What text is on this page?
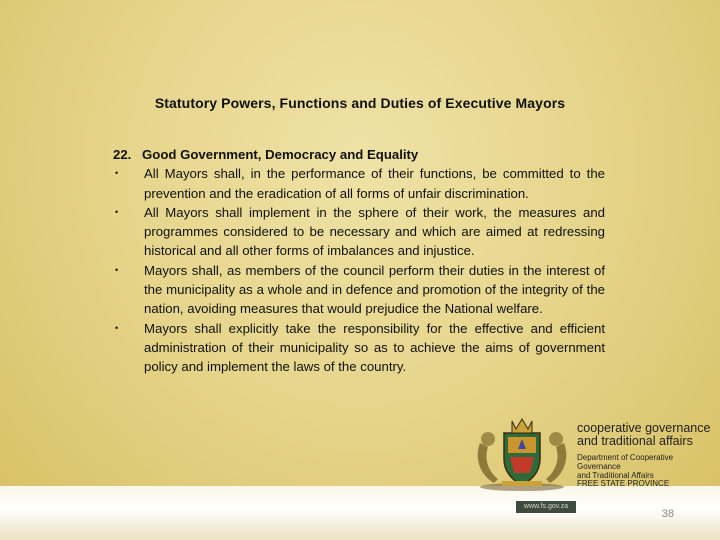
Statutory Powers, Functions and Duties of Executive Mayors
22. Good Government, Democracy and Equality
•	All Mayors shall, in the performance of their functions, be committed to the prevention and the eradication of all forms of unfair discrimination.
•	All Mayors shall implement in the sphere of their work, the measures and programmes considered to be necessary and which are aimed at redressing historical and all other forms of imbalances and injustice.
•	Mayors shall, as members of the council perform their duties in the interest of the municipality as a whole and in defence and promotion of the integrity of the nation, avoiding measures that would prejudice the National welfare.
•	Mayors shall explicitly take the responsibility for the effective and efficient administration of their municipality so as to achieve the aims of government policy and implement the laws of the country.
cooperative governance
and traditional affairs
Department of Cooperative Governance
and Traditional Affairs
FREE STATE PROVINCE
www.fs.gov.za
38
